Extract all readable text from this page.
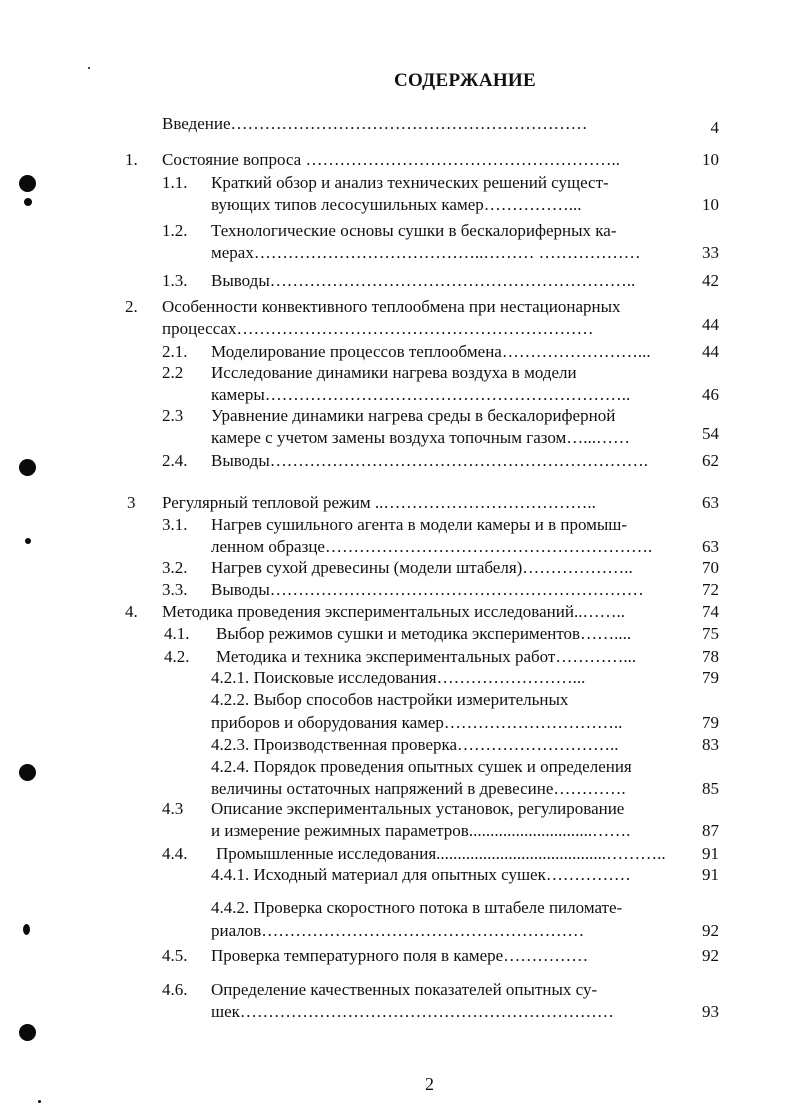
СОДЕРЖАНИЕ
Введение………………………………………………………	4
1. Состояние вопроса ………………………………………………..	10
1.1. Краткий обзор и анализ технических решений сущест-
вующих типов лесосушильных камер……………...	10
1.2. Технологические основы сушки в бескалориферных ка-
мерах…………………………………..……… ………………	33
1.3. Выводы………………………………………………………..	42
2. Особенности конвективного теплообмена при нестационарных
процессах………………………………………………………	44
2.1. Моделирование процессов теплообмена……………………...	44
2.2 Исследование динамики нагрева воздуха в модели
камеры………………………………………………………..	46
2.3 Уравнение динамики нагрева среды в бескалориферной
камере с учетом замены воздуха топочным газом…...……	54
2.4. Выводы………………………………………………………….	62
3 Регулярный тепловой режим ..………………………………..	63
3.1. Нагрев сушильного агента в модели камеры и в промыш-
ленном образце………………………………………………….	63
3.2. Нагрев сухой древесины (модели штабеля)………………..	70
3.3. Выводы…………………………………………………………	72
4. Методика проведения экспериментальных исследований..……..	74
4.1. Выбор режимов сушки и методика экспериментов……....	75
4.2. Методика и техника экспериментальных работ…………...	78
4.2.1. Поисковые исследования……………………...	79
4.2.2. Выбор способов настройки измерительных
приборов и оборудования камер…………………………..	79
4.2.3. Производственная проверка………………………..	83
4.2.4. Порядок проведения опытных сушек и определения
величины остаточных напряжений в древесине………….	85
4.3 Описание экспериментальных установок, регулирование
и измерение режимных параметров.............................…….	87
4.4. Промышленные исследования........................................………..	91
4.4.1. Исходный материал для опытных сушек……………	91
4.4.2. Проверка скоростного потока в штабеле пиломате-
риалов…………………………………………………	92
4.5. Проверка температурного поля в камере……………	92
4.6. Определение качественных показателей опытных су-
шек…………………………………………………………	93
2
